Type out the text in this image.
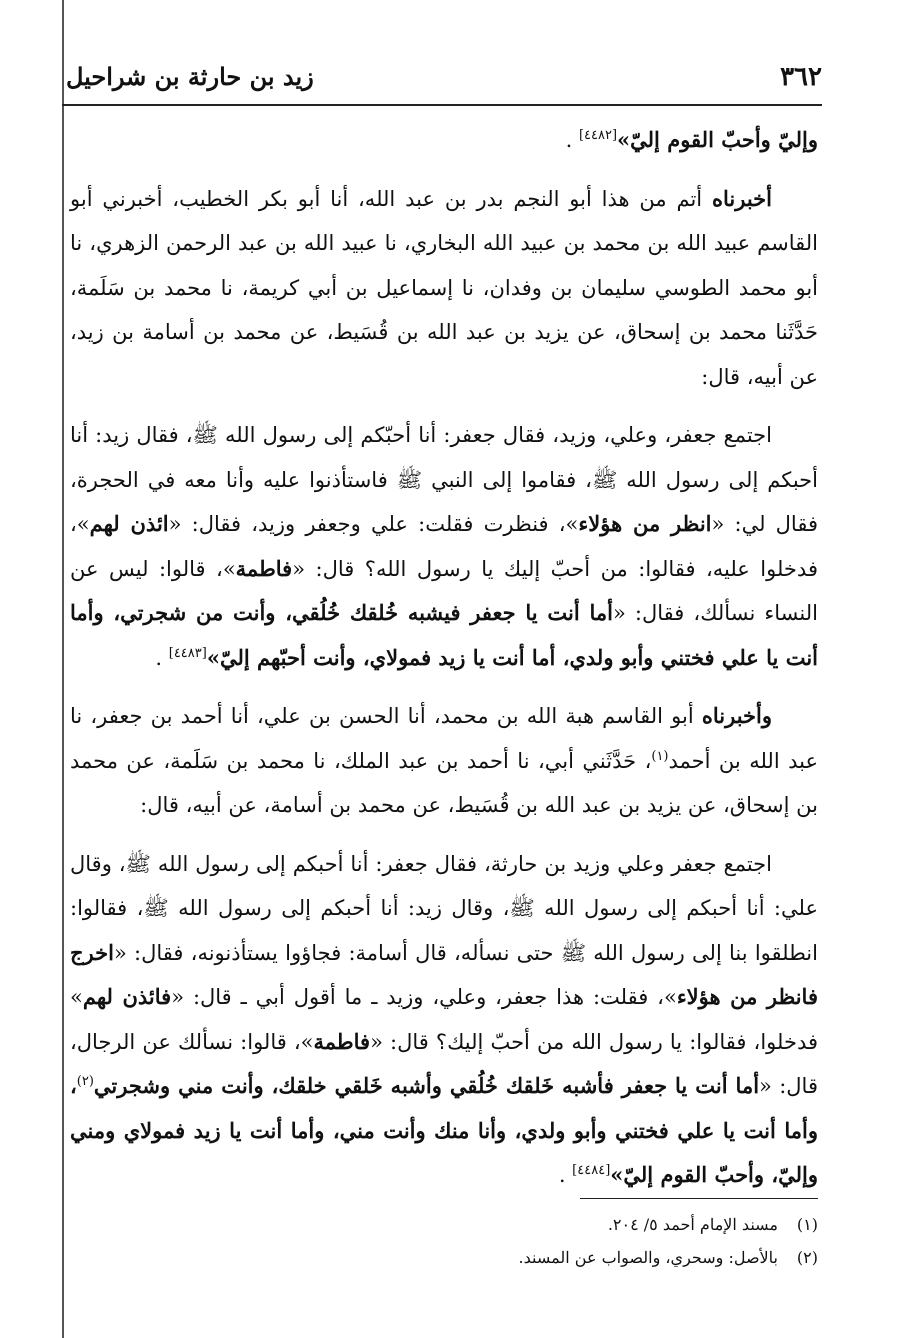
٣٦٢
زيد بن حارثة بن شراحيل

وإليّ وأحبّ القوم إليّ»[٤٤٨٢] .

أخبرناه أتم من هذا أبو النجم بدر بن عبد الله، أنا أبو بكر الخطيب، أخبرني أبو القاسم عبيد الله بن محمد بن عبيد الله البخاري، نا عبيد الله بن عبد الرحمن الزهري، نا أبو محمد الطوسي سليمان بن وفدان، نا إسماعيل بن أبي كريمة، نا محمد بن سَلَمة، حَدَّثَنا محمد بن إسحاق، عن يزيد بن عبد الله بن قُسَيط، عن محمد بن أسامة بن زيد، عن أبيه، قال:

اجتمع جعفر، وعلي، وزيد، فقال جعفر: أنا أحبّكم إلى رسول الله ﷺ، فقال زيد: أنا أحبكم إلى رسول الله ﷺ، فقاموا إلى النبي ﷺ فاستأذنوا عليه وأنا معه في الحجرة، فقال لي: «انظر من هؤلاء»، فنظرت فقلت: علي وجعفر وزيد، فقال: «ائذن لهم»، فدخلوا عليه، فقالوا: من أحبّ إليك يا رسول الله؟ قال: «فاطمة»، قالوا: ليس عن النساء نسألك، فقال: «أما أنت يا جعفر فيشبه خُلقك خُلُقي، وأنت من شجرتي، وأما أنت يا علي فختني وأبو ولدي، أما أنت يا زيد فمولاي، وأنت أحبّهم إليّ»[٤٤٨٣] .

وأخبرناه أبو القاسم هبة الله بن محمد، أنا الحسن بن علي، أنا أحمد بن جعفر، نا عبد الله بن أحمد$^{(١)}$، حَدَّثَني أبي، نا أحمد بن عبد الملك، نا محمد بن سَلَمة، عن محمد بن إسحاق، عن يزيد بن عبد الله بن قُسَيط، عن محمد بن أسامة، عن أبيه، قال:

اجتمع جعفر وعلي وزيد بن حارثة، فقال جعفر: أنا أحبكم إلى رسول الله ﷺ، وقال علي: أنا أحبكم إلى رسول الله ﷺ، وقال زيد: أنا أحبكم إلى رسول الله ﷺ، فقالوا: انطلقوا بنا إلى رسول الله ﷺ حتى نسأله، قال أسامة: فجاؤوا يستأذنونه، فقال: «اخرج فانظر من هؤلاء»، فقلت: هذا جعفر، وعلي، وزيد ـ ما أقول أبي ـ قال: «فائذن لهم» فدخلوا، فقالوا: يا رسول الله من أحبّ إليك؟ قال: «فاطمة»، قالوا: نسألك عن الرجال، قال: «أما أنت يا جعفر فأشبه خَلقك خُلُقي وأشبه خَلقي خلقك، وأنت مني وشجرتي$^{(٢)}$، وأما أنت يا علي فختني وأبو ولدي، وأنا منك وأنت مني، وأما أنت يا زيد فمولاي ومني وإليّ، وأحبّ القوم إليّ»[٤٤٨٤] .

(١)مسند الإمام أحمد ٥/ ٢٠٤.
(٢)بالأصل: وسحري، والصواب عن المسند.
